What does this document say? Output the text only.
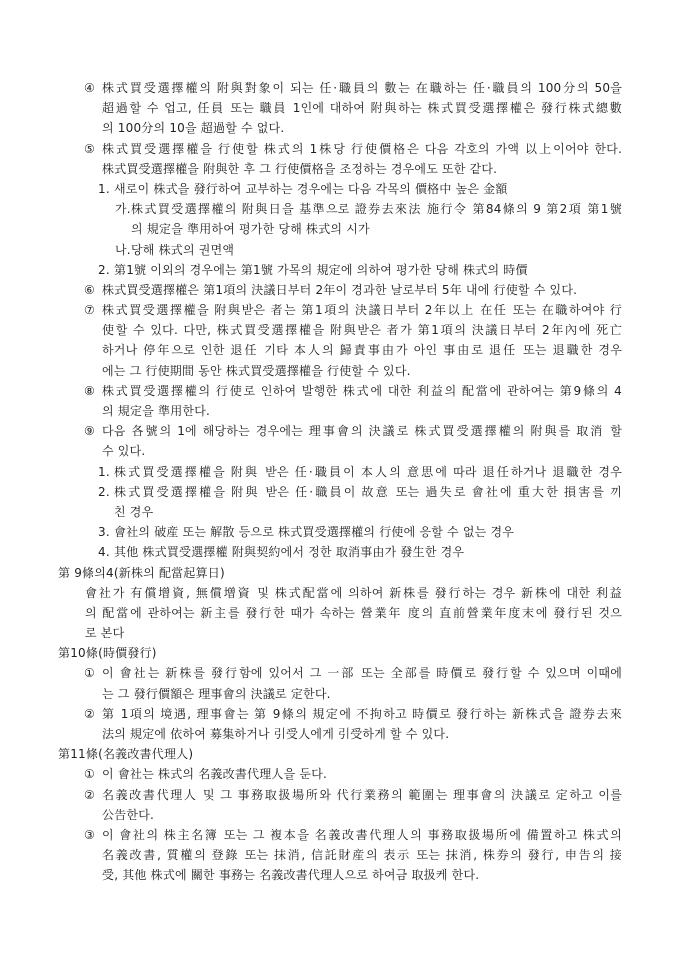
④ 株式買受選擇權의 附與對象이 되는 任·職員의 數는 在職하는 任·職員의 100分의 50을
超過할 수 업고, 任員 또는 職員 1인에 대하여 附與하는 株式買受選擇權은 發行株式總數
의 100分의 10을 超過할 수 없다.
⑤ 株式買受選擇權을 行使할 株式의 1株당 行使價格은 다음 각호의 가액 以上이어야 한다.
株式買受選擇權을 附與한 후 그 行使價格을 조정하는 경우에도 또한 같다.
1. 새로이 株式을 發行하여 교부하는 경우에는 다음 각목의 價格中 높은 金額
가. 株式買受選擇權의 附與日을 基準으로 證券去來法 施行令 第84條의 9 第2項 第1號
의 規定을 準用하여 평가한 당해 株式의 시가
나. 당해 株式의 권면액
2. 第1號 이외의 경우에는 第1號 가목의 規定에 의하여 평가한 당해 株式의 時價
⑥ 株式買受選擇權은 第1項의 決議日부터 2年이 경과한 날로부터 5年 내에 行使할 수 있다.
⑦ 株式買受選擇權을 附與받은 者는 第1項의 決議日부터 2年以上 在任 또는 在職하여야 行
使할 수 있다. 다만, 株式買受選擇權을 附與받은 者가 第1項의 決議日부터 2年內에 死亡
하거나 停年으로 인한 退任 기타 本人의 歸責事由가 아인 事由로 退任 또는 退職한 경우
에는 그 行使期間 동안 株式買受選擇權을 行使할 수 있다.
⑧ 株式買受選擇權의 行使로 인하여 발행한 株式에 대한 利益의 配當에 관하여는 第9條의 4
의 規定을 準用한다.
⑨ 다음 各號의 1에 해당하는 경우에는 理事會의 決議로 株式買受選擇權의 附與를 取消 할
수 있다.
1. 株式買受選擇權을 附與 받은 任·職員이 本人의 意思에 따라 退任하거나 退職한 경우
2. 株式買受選擇權을 附與 받은 任·職員이 故意 또는 過失로 會社에 重大한 損害를 끼
친 경우
3. 會社의 破産 또는 解散 등으로 株式買受選擇權의 行使에 응할 수 없는 경우
4. 其他 株式買受選擇權 附與契約에서 정한 取消事由가 發生한 경우
第 9條의4(新株의 配當起算日)
會社가 有償增資, 無償增資 및 株式配當에 의하여 新株를 發行하는 경우 新株에 대한 利益
의 配當에 관하여는 新主를 發行한 때가 속하는 營業年 度의 直前營業年度末에 發行된 것으
로 본다
第10條(時價發行)
① 이 會社는 新株를 發行함에 있어서 그 一部 또는 全部를 時價로 發行할 수 있으며 이때에
는 그 發行價額은 理事會의 決議로 定한다.
② 第 1項의 境遇, 理事會는 第 9條의 規定에 不拘하고 時價로 發行하는 新株式을 證券去來
法의 規定에 依하여 募集하거나 引受人에게 引受하게 할 수 있다.
第11條(名義改書代理人)
① 이 會社는 株式의 名義改書代理人을 둔다.
② 名義改書代理人 및 그 事務取扱場所와 代行業務의 範圍는 理事會의 決議로 定하고 이를
公告한다.
③ 이 會社의 株主名簿 또는 그 複本을 名義改書代理人의 事務取扱場所에 備置하고 株式의
名義改書, 質權의 登錄 또는 抹消, 信託財産의 表示 또는 抹消, 株券의 發行, 申告의 接
受, 其他 株式에 關한 事務는 名義改書代理人으로 하여금 取扱케 한다.
